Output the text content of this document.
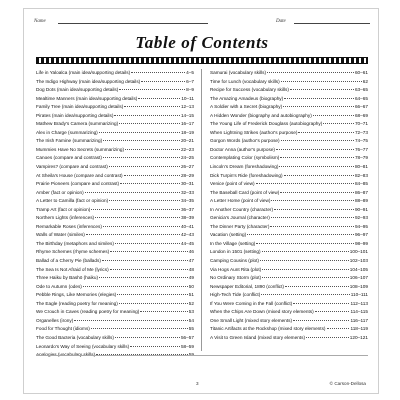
Name	Date
Table of Contents
Life in Yaloalca (main idea/supporting details)	4–5
The Indigo Highway (main idea/supporting details)	6–7
Dog Dots (main idea/supporting details)	8–9
Mealtime Manners (main idea/supporting details)	10–11
Family Tree (main idea/supporting details)	12–13
Pirates (main idea/supporting details)	14–15
Mathew Brady's Camera (summarizing)	16–17
Alex in Charge (summarizing)	18–19
The Irish Famine (summarizing)	20–21
Mummies Have No Secrets (summarizing)	22–23
Canoes (compare and contrast)	24–25
Vampires? (compare and contrast)	26–27
At Sheila's House (compare and contrast)	28–29
Prairie Pioneers (compare and contrast)	30–31
Amber (fact or opinion)	32–33
A Letter to Camilla (fact or opinion)	34–35
Tramp Art (fact or opinion)	36–37
Northern Lights (inferences)	38–39
Remarkable Roses (inferences)	40–41
Walls of Water (similes)	42–43
The Birthday (metaphors and similes)	44–45
Rhyme Schemes (rhyme schemes)	46
Ballad of a Cherry Pie (ballads)	47
The Sea Is Not Afraid of Me (lyrics)	48
Three Haiku by Bashō (haiku)	49
Ode to Autumn (odes)	50
Pebble Rings, Like Memories (elegies)	51
The Eagle (reading poetry for meaning)	52
We Crouch in Caves (reading poetry for meaning)	53
Organelles (irony)	54
Food for Thought (idioms)	55
The Good Bacteria (vocabulary skills)	56–57
Leonardo's Way of Seeing (vocabulary skills)	58–59
Analogies (vocabulary skills)	59
Samurai (vocabulary skills)	60–61
Time for Lunch (vocabulary skills)	62
Recipe for Success (vocabulary skills)	63–65
The Amazing Amadeus (biography)	64–65
A Soldier with a Secret (biography)	66–67
A Hidden Wonder (biography and autobiography)	68–69
The Young Life of Frederick Douglass (autobiography)	70–71
When Lightning Strikes (author's purpose)	72–73
Gorgon Words (author's purpose)	74–75
Doctor Anna (author's purpose)	76–77
Contemplating Color (symbolism)	78–79
Lincoln's Dream (foreshadowing)	80–81
Dick Turpin's Ride (foreshadowing)	82–83
Venice (point of view)	84–85
The Baseball Card (point of view)	86–87
A Letter Home (point of view)	88–89
In Another Country (character)	90–91
Genicia's Journal (character)	92–93
The Dinner Party (character)	94–95
Vacation (setting)	96–97
In the Village (setting)	98–99
London in 1501 (setting)	100–101
Camping Cousins (plot)	102–103
Via Hogs Aunt Rita (plot)	104–105
No Ordinary Storm (plot)	106–107
Newspaper Editorial, 1890 (conflict)	108–109
High-Tech Tide (conflict)	110–111
If You Were Coming in the Fall (conflict)	112–113
When the Chips Are Down (mixed story elements)	114–115
One Small Light (mixed story elements)	116–117
Titanic Artifacts at the Rockshop (mixed story elements)	118–119
A Visit to Green Island (mixed story elements)	120–121
3	© Carson-Dellosa
